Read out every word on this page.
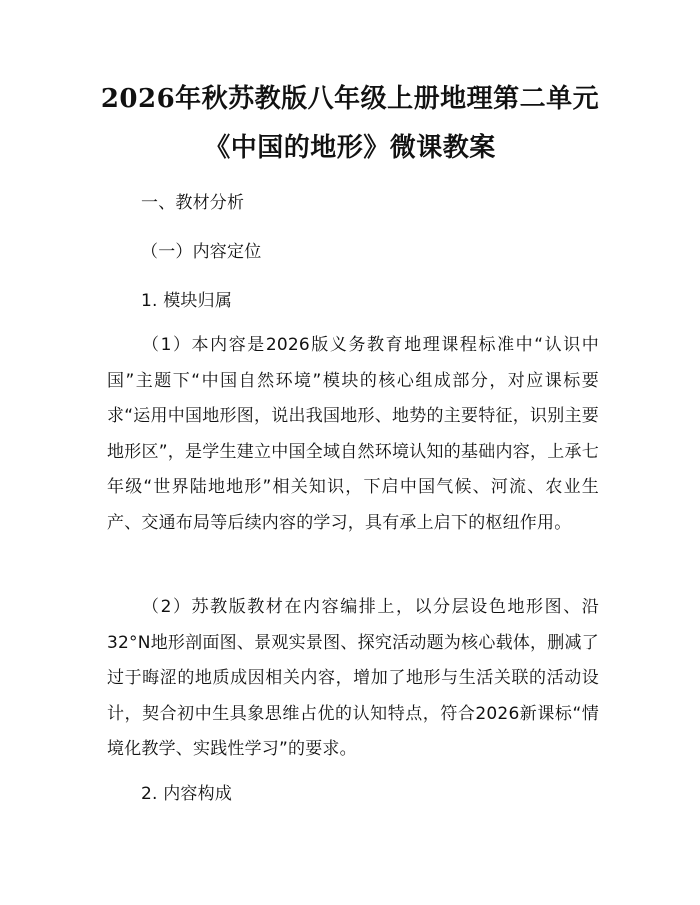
2026年秋苏教版八年级上册地理第二单元
《中国的地形》微课教案
一、教材分析
（一）内容定位
1. 模块归属
（1）本内容是2026版义务教育地理课程标准中“认识中国”主题下“中国自然环境”模块的核心组成部分，对应课标要求“运用中国地形图，说出我国地形、地势的主要特征，识别主要地形区”，是学生建立中国全域自然环境认知的基础内容，上承七年级“世界陆地地形”相关知识，下启中国气候、河流、农业生产、交通布局等后续内容的学习，具有承上启下的枢纽作用。
（2）苏教版教材在内容编排上，以分层设色地形图、沿32°N地形剖面图、景观实景图、探究活动题为核心载体，删减了过于晦涩的地质成因相关内容，增加了地形与生活关联的活动设计，契合初中生具象思维占优的认知特点，符合2026新课标“情境化教学、实践性学习”的要求。
2. 内容构成
